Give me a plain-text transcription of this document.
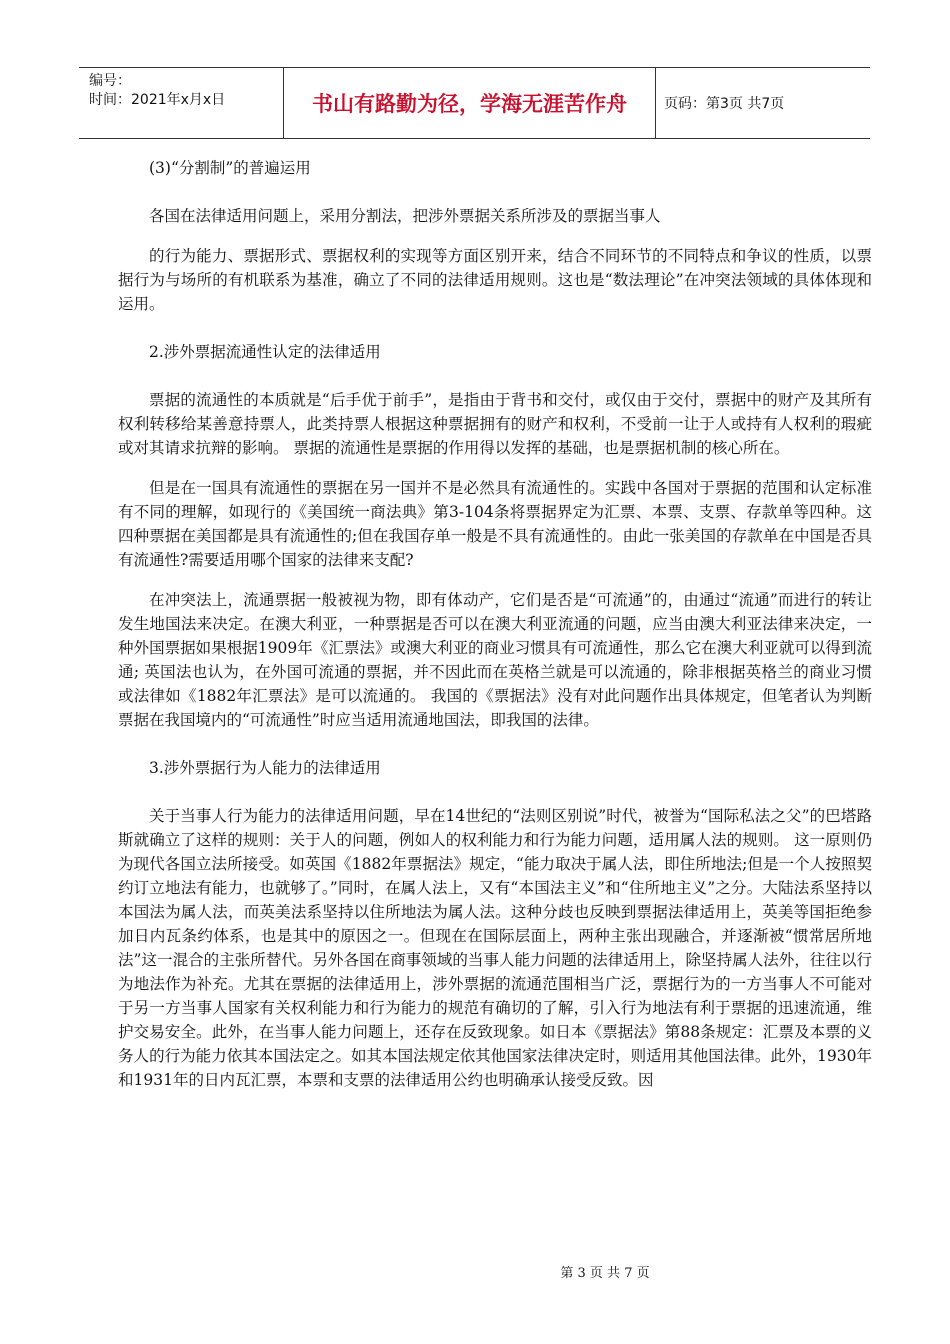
编号：
时间：2021年x月x日	书山有路勤为径，学海无涯苦作舟	页码：第3页 共7页

(3)“分割制”的普遍运用

各国在法律适用问题上，采用分割法，把涉外票据关系所涉及的票据当事人

的行为能力、票据形式、票据权利的实现等方面区别开来，结合不同环节的不同特点和争议的性质，以票据行为与场所的有机联系为基准，确立了不同的法律适用规则。这也是“数法理论”在冲突法领域的具体体现和运用。

2.涉外票据流通性认定的法律适用

票据的流通性的本质就是“后手优于前手”，是指由于背书和交付，或仅由于交付，票据中的财产及其所有权利转移给某善意持票人，此类持票人根据这种票据拥有的财产和权利，不受前一让于人或持有人权利的瑕疵或对其请求抗辩的影响。 票据的流通性是票据的作用得以发挥的基础，也是票据机制的核心所在。

但是在一国具有流通性的票据在另一国并不是必然具有流通性的。实践中各国对于票据的范围和认定标准有不同的理解，如现行的《美国统一商法典》第3-104条将票据界定为汇票、本票、支票、存款单等四种。这四种票据在美国都是具有流通性的;但在我国存单一般是不具有流通性的。由此一张美国的存款单在中国是否具有流通性?需要适用哪个国家的法律来支配?

在冲突法上，流通票据一般被视为物，即有体动产，它们是否是“可流通”的，由通过“流通”而进行的转让发生地国法来决定。在澳大利亚，一种票据是否可以在澳大利亚流通的问题，应当由澳大利亚法律来决定，一种外国票据如果根据1909年《汇票法》或澳大利亚的商业习惯具有可流通性，那么它在澳大利亚就可以得到流通; 英国法也认为，在外国可流通的票据，并不因此而在英格兰就是可以流通的，除非根据英格兰的商业习惯或法律如《1882年汇票法》是可以流通的。 我国的《票据法》没有对此问题作出具体规定，但笔者认为判断票据在我国境内的“可流通性”时应当适用流通地国法，即我国的法律。

3.涉外票据行为人能力的法律适用

关于当事人行为能力的法律适用问题，早在14世纪的“法则区别说”时代，被誉为“国际私法之父”的巴塔路斯就确立了这样的规则：关于人的问题，例如人的权利能力和行为能力问题，适用属人法的规则。 这一原则仍为现代各国立法所接受。如英国《1882年票据法》规定，“能力取决于属人法，即住所地法;但是一个人按照契约订立地法有能力，也就够了。”同时，在属人法上，又有“本国法主义”和“住所地主义”之分。大陆法系坚持以本国法为属人法，而英美法系坚持以住所地法为属人法。这种分歧也反映到票据法律适用上，英美等国拒绝参加日内瓦条约体系，也是其中的原因之一。但现在在国际层面上，两种主张出现融合，并逐渐被“惯常居所地法”这一混合的主张所替代。另外各国在商事领域的当事人能力问题的法律适用上，除坚持属人法外，往往以行为地法作为补充。尤其在票据的法律适用上，涉外票据的流通范围相当广泛，票据行为的一方当事人不可能对于另一方当事人国家有关权利能力和行为能力的规范有确切的了解，引入行为地法有利于票据的迅速流通，维护交易安全。此外，在当事人能力问题上，还存在反致现象。如日本《票据法》第88条规定：汇票及本票的义务人的行为能力依其本国法定之。如其本国法规定依其他国家法律决定时，则适用其他国法律。此外，1930年和1931年的日内瓦汇票，本票和支票的法律适用公约也明确承认接受反致。因

第 3 页 共 7 页
